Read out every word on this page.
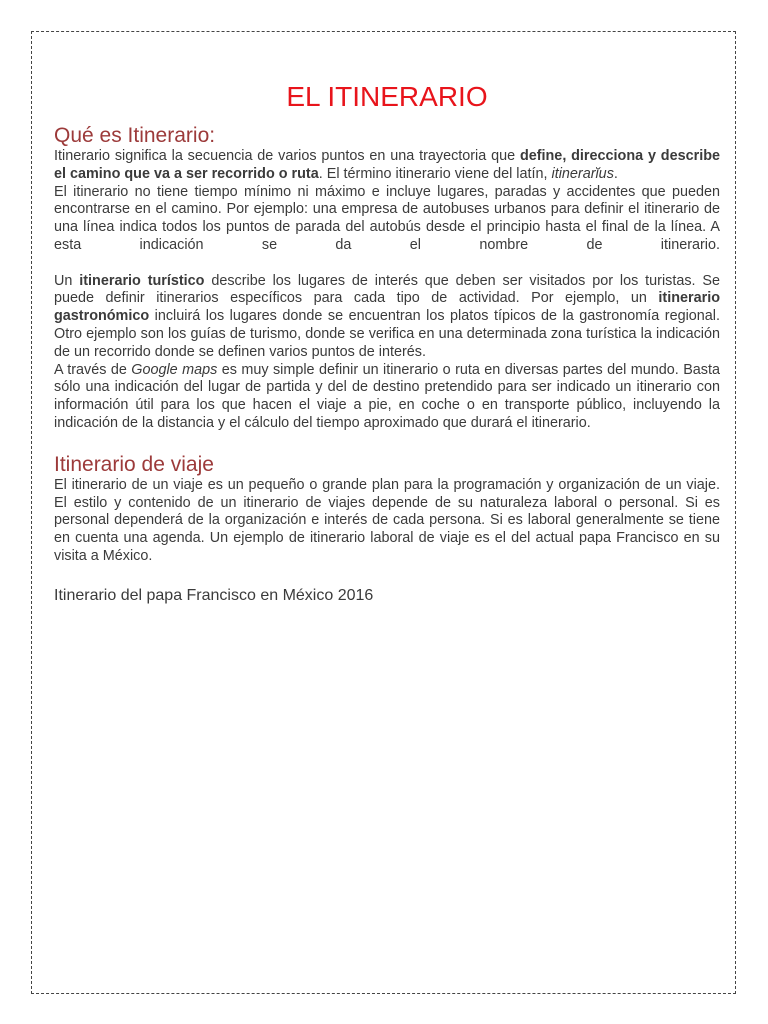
EL ITINERARIO
Qué es Itinerario:

Itinerario significa la secuencia de varios puntos en una trayectoria que define, direcciona y describe el camino que va a ser recorrido o ruta. El término itinerario viene del latín, itinerarĭus.

El itinerario no tiene tiempo mínimo ni máximo e incluye lugares, paradas y accidentes que pueden encontrarse en el camino. Por ejemplo: una empresa de autobuses urbanos para definir el itinerario de una línea indica todos los puntos de parada del autobús desde el principio hasta el final de la línea. A esta indicación se da el nombre de itinerario.

Un itinerario turístico describe los lugares de interés que deben ser visitados por los turistas. Se puede definir itinerarios específicos para cada tipo de actividad. Por ejemplo, un itinerario gastronómico incluirá los lugares donde se encuentran los platos típicos de la gastronomía regional. Otro ejemplo son los guías de turismo, donde se verifica en una determinada zona turística la indicación de un recorrido donde se definen varios puntos de interés.

A través de Google maps es muy simple definir un itinerario o ruta en diversas partes del mundo. Basta sólo una indicación del lugar de partida y del de destino pretendido para ser indicado un itinerario con información útil para los que hacen el viaje a pie, en coche o en transporte público, incluyendo la indicación de la distancia y el cálculo del tiempo aproximado que durará el itinerario.

Itinerario de viaje

El itinerario de un viaje es un pequeño o grande plan para la programación y organización de un viaje. El estilo y contenido de un itinerario de viajes depende de su naturaleza laboral o personal. Si es personal dependerá de la organización e interés de cada persona. Si es laboral generalmente se tiene en cuenta una agenda. Un ejemplo de itinerario laboral de viaje es el del actual papa Francisco en su visita a México.

Itinerario del papa Francisco en México 2016
